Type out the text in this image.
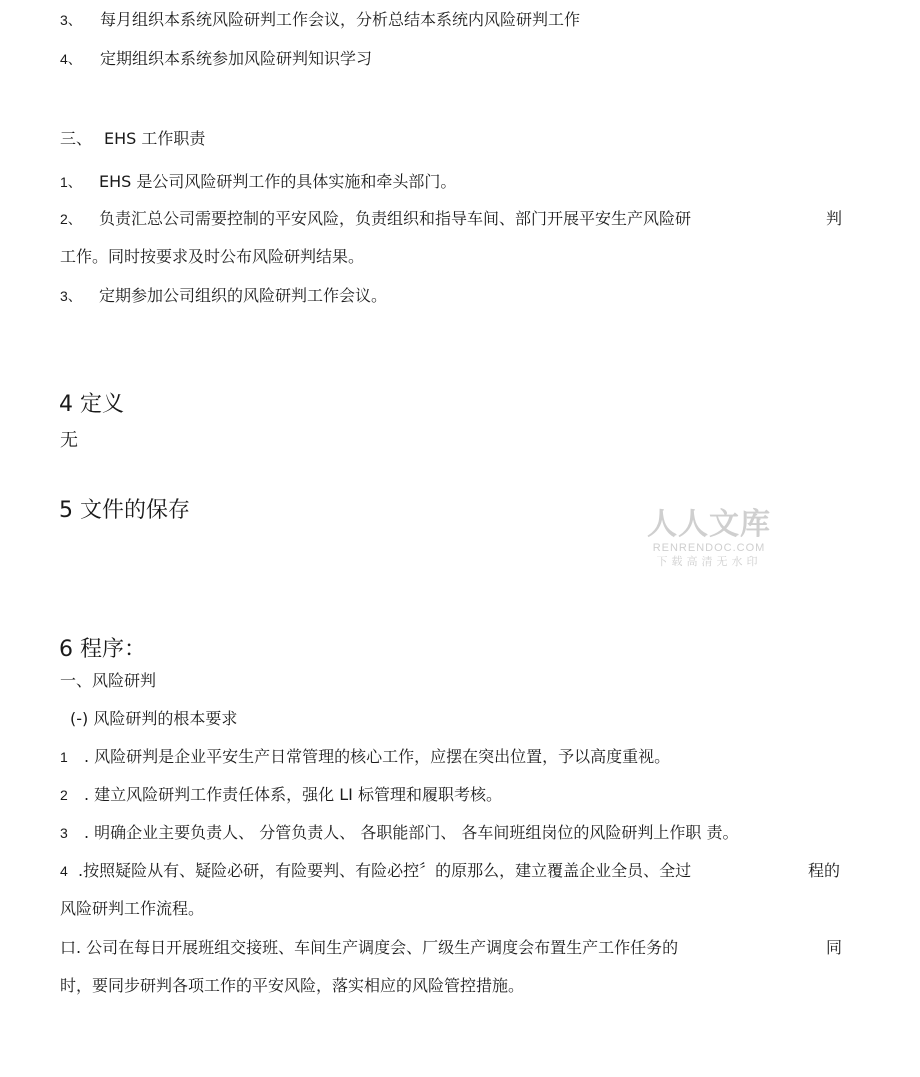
3、 每月组织本系统风险研判工作会议，分析总结本系统内风险研判工作
4、 定期组织本系统参加风险研判知识学习
三、 EHS 工作职责
1、 EHS 是公司风险研判工作的具体实施和牵头部门。
2、 负责汇总公司需要控制的平安风险，负责组织和指导车间、部门开展平安生产风险研	判
工作。同时按要求及时公布风险研判结果。
3、 定期参加公司组织的风险研判工作会议。
4 定义
无
5 文件的保存	人人文库
RENRENDOC.COM
下载高清无水印
6 程序：
一、风险研判
(-) 风险研判的根本要求
1 . 风险研判是企业平安生产日常管理的核心工作，应摆在突出位置，予以高度重视。
2 . 建立风险研判工作责任体系，强化 LI 标管理和履职考核。
3 . 明确企业主要负责人、 分管负责人、 各职能部门、 各车间班组岗位的风险研判上作职 责。
4 .按照疑险从有、疑险必研，有险要判、有险必控〞的原那么，建立覆盖企业全员、全过	程的
风险研判工作流程。
口. 公司在每日开展班组交接班、车间生产调度会、厂级生产调度会布置生产工作任务的	同
时，要同步研判各项工作的平安风险，落实相应的风险管控措施。
